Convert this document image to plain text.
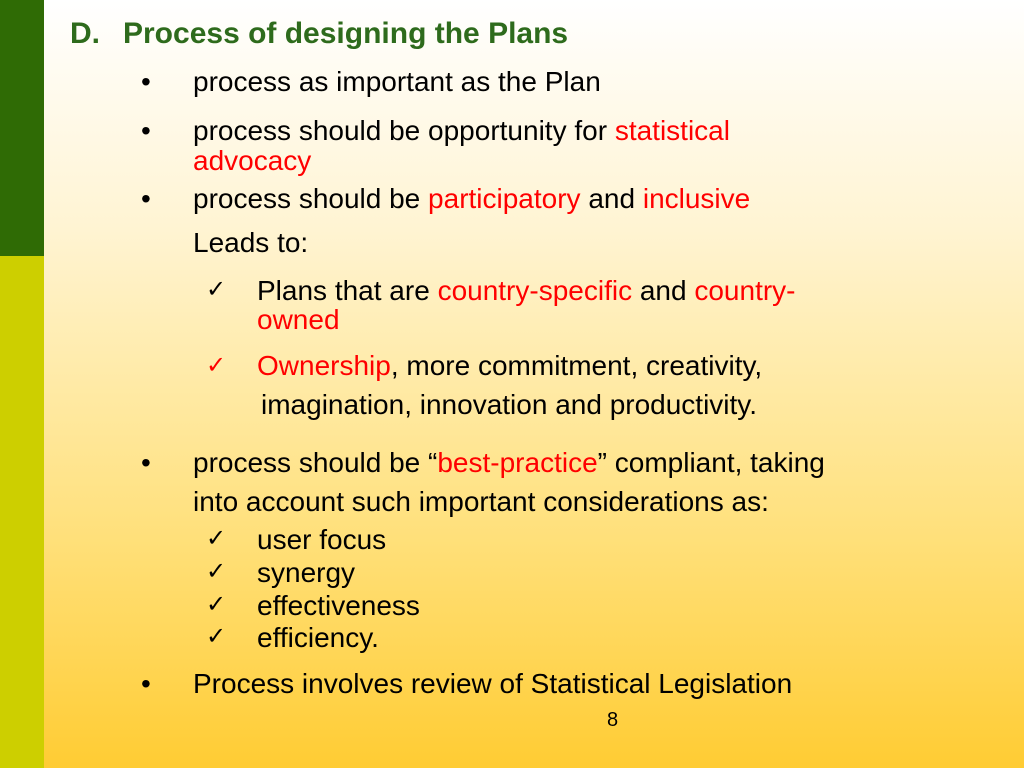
D. Process of designing the Plans
• process as important as the Plan
• process should be opportunity for statistical
advocacy
• process should be participatory and inclusive
Leads to:
✓ Plans that are country-specific and country-
owned
✓ Ownership, more commitment, creativity,
imagination, innovation and productivity.
• process should be “best-practice” compliant, taking
into account such important considerations as:
✓ user focus
✓ synergy
✓ effectiveness
✓ efficiency.
• Process involves review of Statistical Legislation
8
